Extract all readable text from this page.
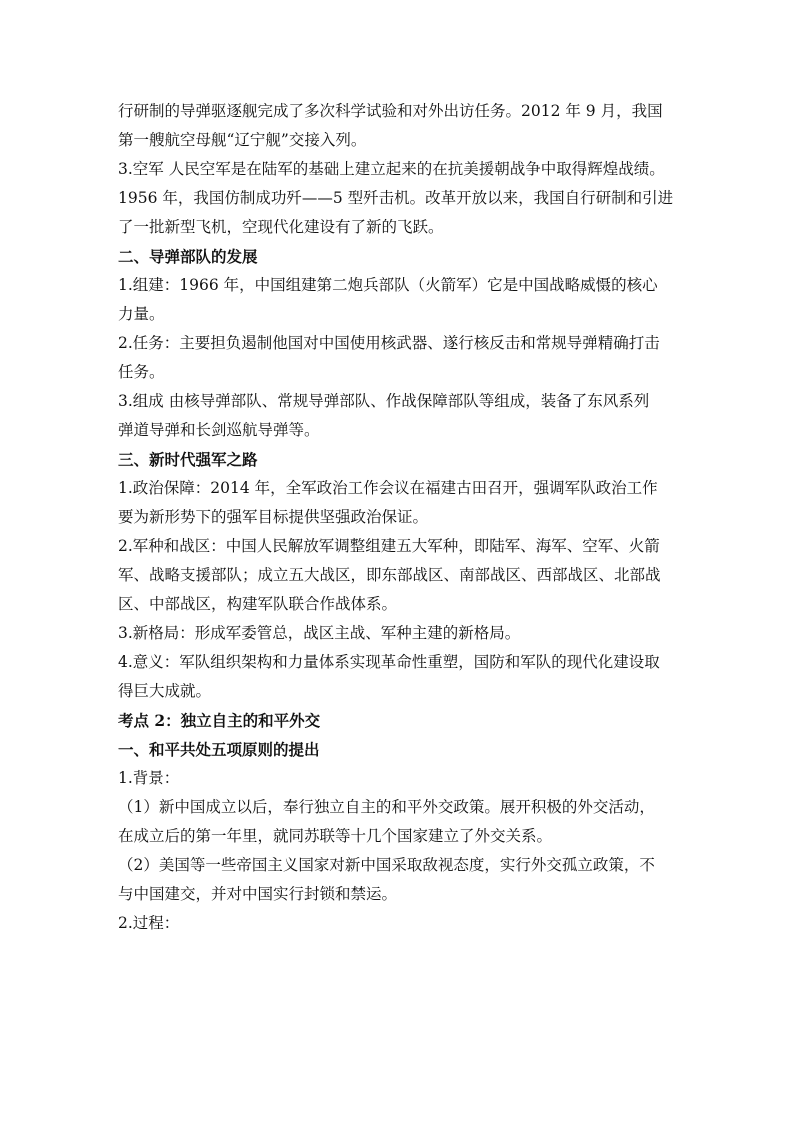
行研制的导弹驱逐舰完成了多次科学试验和对外出访任务。2012 年 9 月，我国
第一艘航空母舰“辽宁舰”交接入列。
3.空军 人民空军是在陆军的基础上建立起来的在抗美援朝战争中取得辉煌战绩。
1956 年，我国仿制成功歼——5 型歼击机。改革开放以来，我国自行研制和引进
了一批新型飞机，空现代化建设有了新的飞跃。
二、导弹部队的发展
1.组建：1966 年，中国组建第二炮兵部队（火箭军）它是中国战略威慑的核心
力量。
2.任务：主要担负遏制他国对中国使用核武器、遂行核反击和常规导弹精确打击
任务。
3.组成 由核导弹部队、常规导弹部队、作战保障部队等组成，装备了东风系列
弹道导弹和长剑巡航导弹等。
三、新时代强军之路
1.政治保障：2014 年，全军政治工作会议在福建古田召开，强调军队政治工作
要为新形势下的强军目标提供坚强政治保证。
2.军种和战区：中国人民解放军调整组建五大军种，即陆军、海军、空军、火箭
军、战略支援部队；成立五大战区，即东部战区、南部战区、西部战区、北部战
区、中部战区，构建军队联合作战体系。
3.新格局：形成军委管总，战区主战、军种主建的新格局。
4.意义：军队组织架构和力量体系实现革命性重塑，国防和军队的现代化建设取
得巨大成就。
考点 2：独立自主的和平外交
一、和平共处五项原则的提出
1.背景：
（1）新中国成立以后，奉行独立自主的和平外交政策。展开积极的外交活动，
在成立后的第一年里，就同苏联等十几个国家建立了外交关系。
（2）美国等一些帝国主义国家对新中国采取敌视态度，实行外交孤立政策，不
与中国建交，并对中国实行封锁和禁运。
2.过程：
